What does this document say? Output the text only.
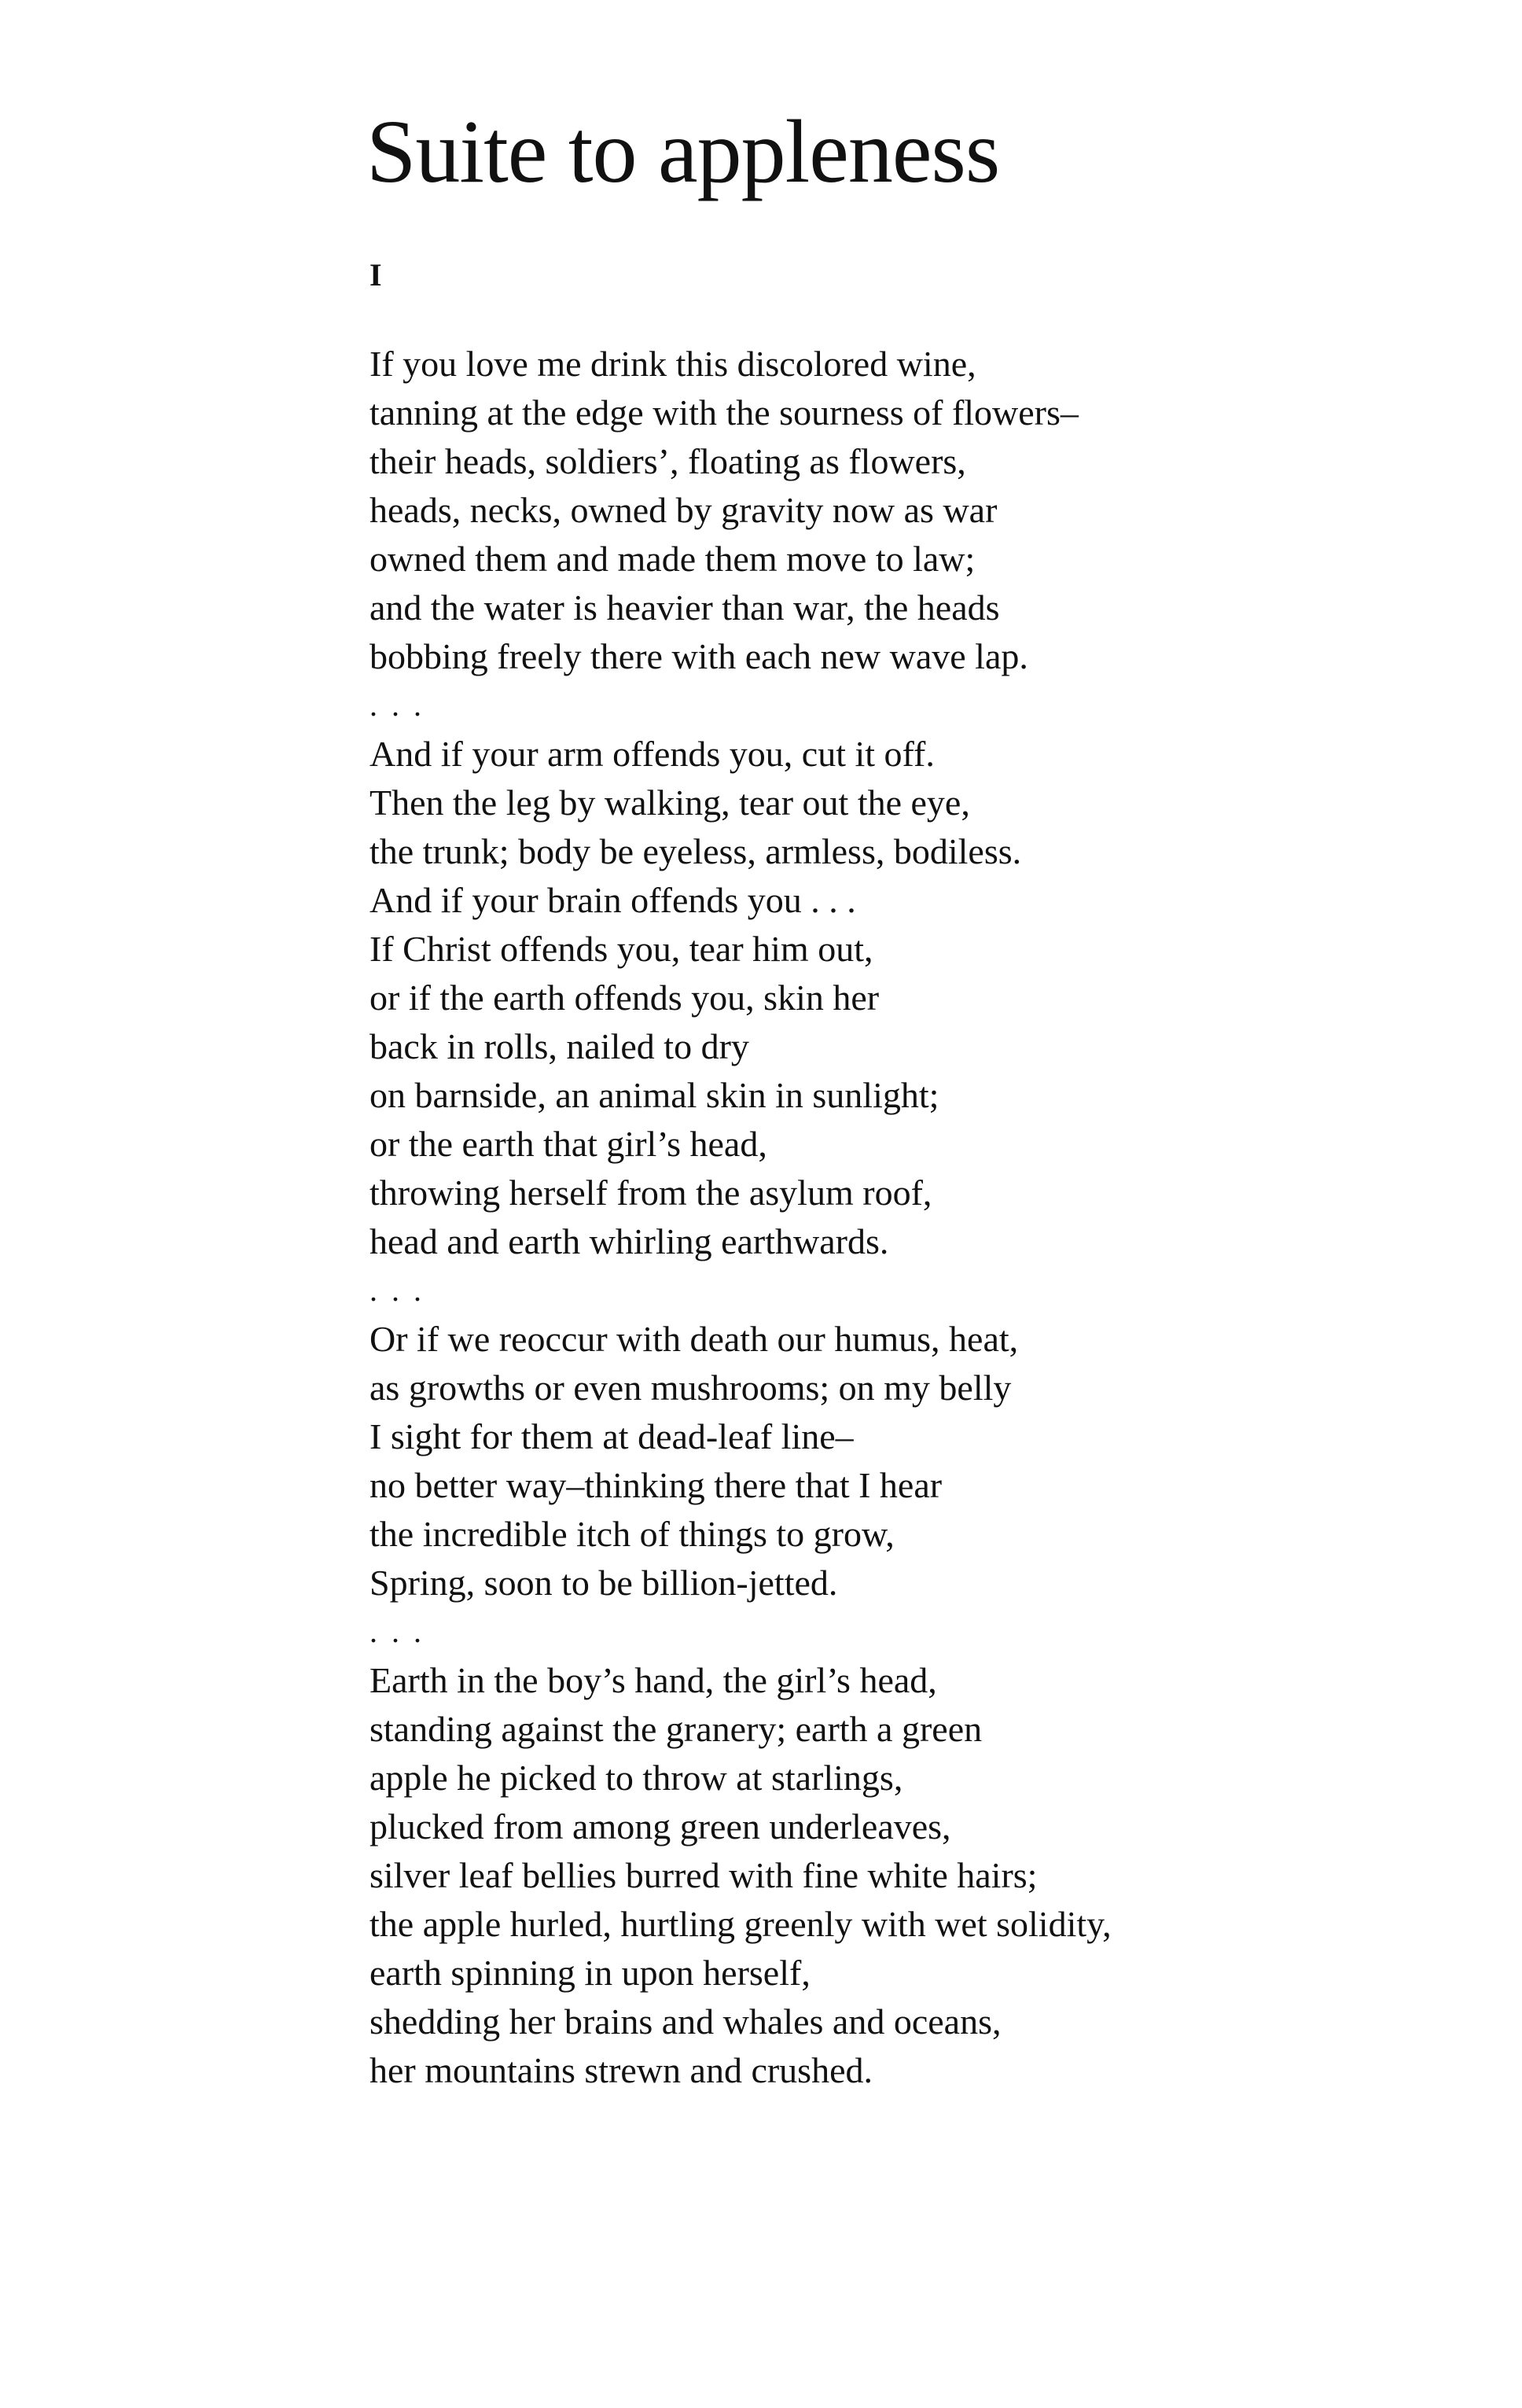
Suite to appleness
I
If you love me drink this discolored wine,
tanning at the edge with the sourness of flowers–
their heads, soldiers’, floating as flowers,
heads, necks, owned by gravity now as war
owned them and made them move to law;
and the water is heavier than war, the heads
bobbing freely there with each new wave lap.
. . .
And if your arm offends you, cut it off.
Then the leg by walking, tear out the eye,
the trunk; body be eyeless, armless, bodiless.
And if your brain offends you . . .
If Christ offends you, tear him out,
or if the earth offends you, skin her
back in rolls, nailed to dry
on barnside, an animal skin in sunlight;
or the earth that girl’s head,
throwing herself from the asylum roof,
head and earth whirling earthwards.
. . .
Or if we reoccur with death our humus, heat,
as growths or even mushrooms; on my belly
I sight for them at dead-leaf line–
no better way–thinking there that I hear
the incredible itch of things to grow,
Spring, soon to be billion-jetted.
. . .
Earth in the boy’s hand, the girl’s head,
standing against the granery; earth a green
apple he picked to throw at starlings,
plucked from among green underleaves,
silver leaf bellies burred with fine white hairs;
the apple hurled, hurtling greenly with wet solidity,
earth spinning in upon herself,
shedding her brains and whales and oceans,
her mountains strewn and crushed.
